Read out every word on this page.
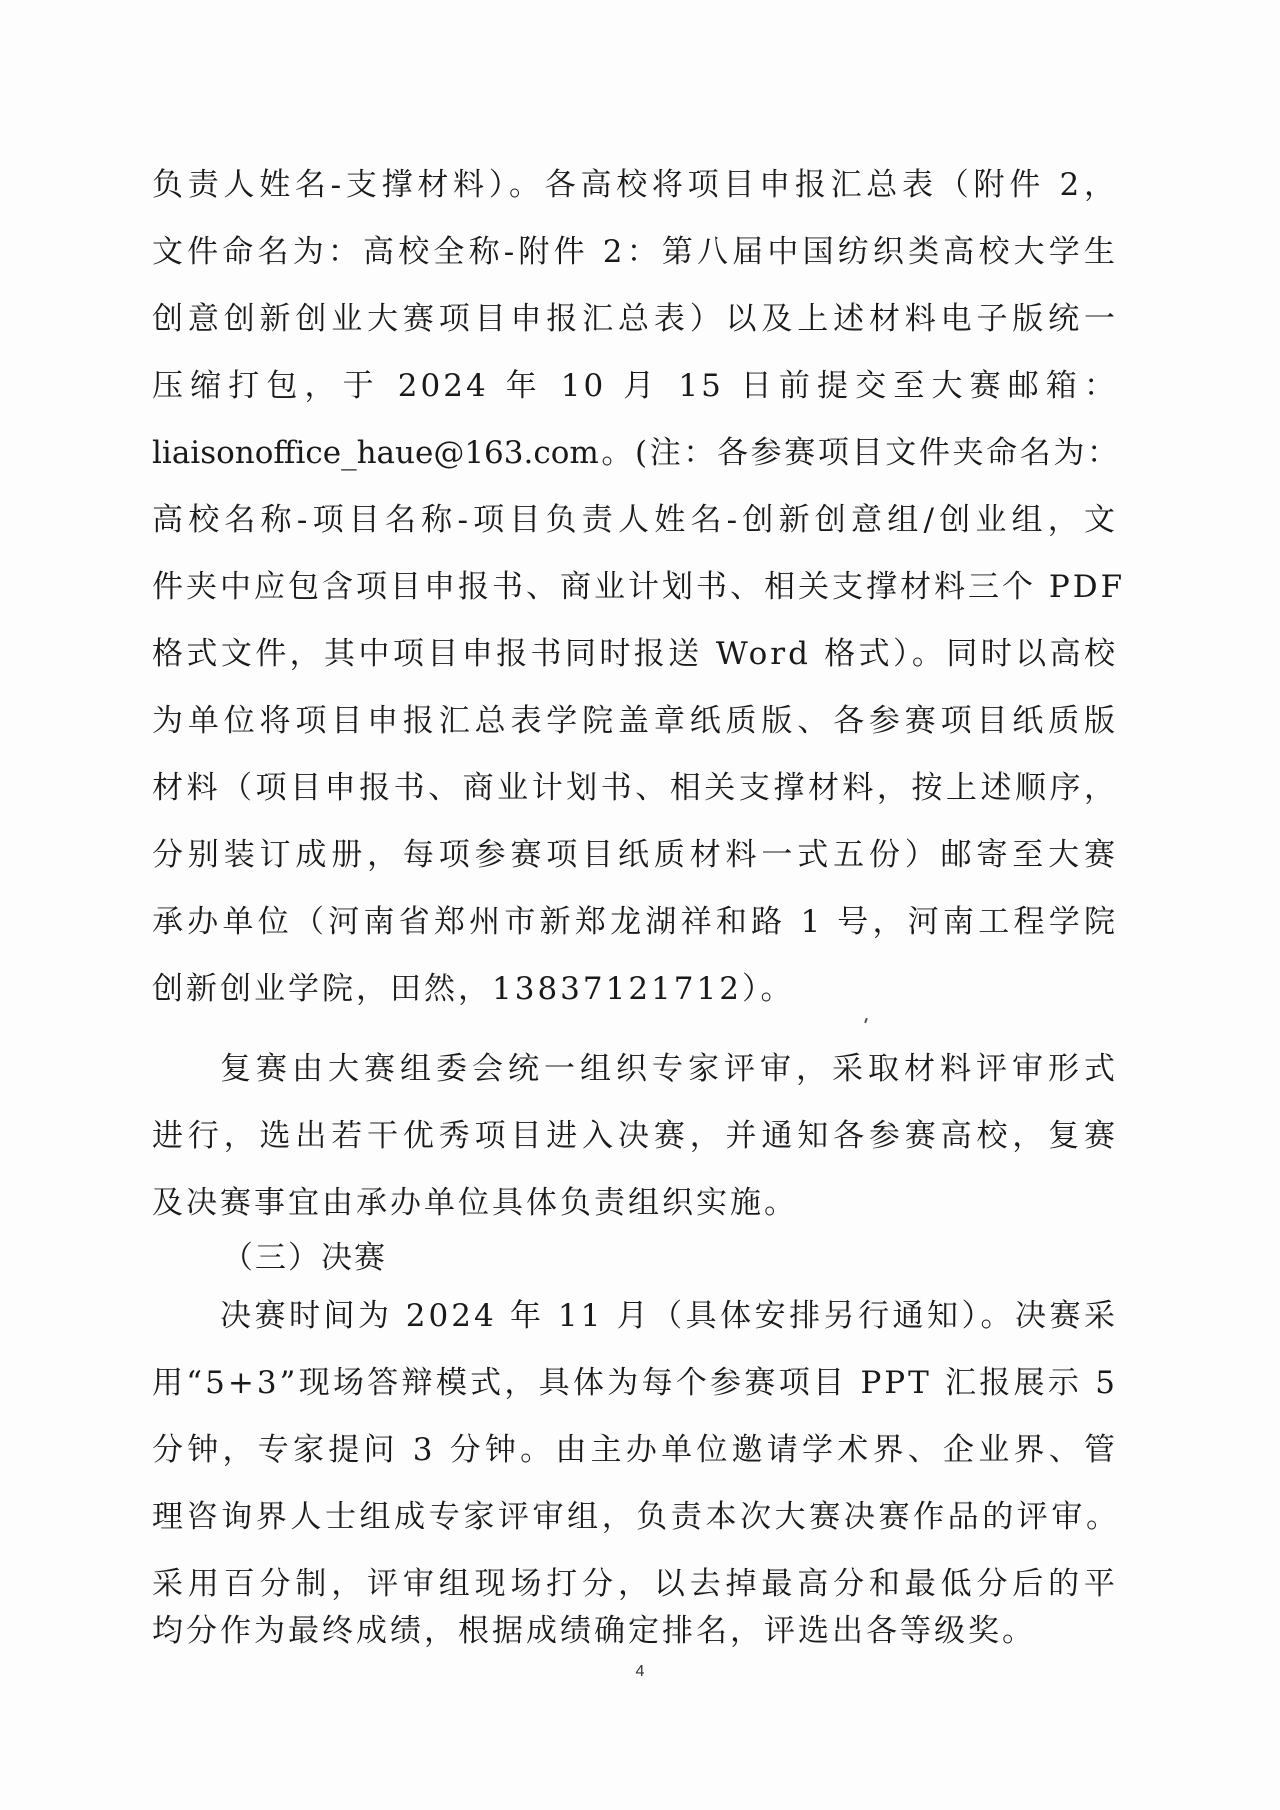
负责人姓名-支撑材料）。各高校将项目申报汇总表（附件 2，
文件命名为：高校全称-附件 2：第八届中国纺织类高校大学生
创意创新创业大赛项目申报汇总表）以及上述材料电子版统一
压缩打包，于 2024 年 10 月 15 日前提交至大赛邮箱：
liaisonoffice_haue@163.com。(注：各参赛项目文件夹命名为：
高校名称-项目名称-项目负责人姓名-创新创意组/创业组，文
件夹中应包含项目申报书、商业计划书、相关支撑材料三个 PDF
格式文件，其中项目申报书同时报送 Word 格式）。同时以高校
为单位将项目申报汇总表学院盖章纸质版、各参赛项目纸质版
材料（项目申报书、商业计划书、相关支撑材料，按上述顺序，
分别装订成册，每项参赛项目纸质材料一式五份）邮寄至大赛
承办单位（河南省郑州市新郑龙湖祥和路 1 号，河南工程学院
创新创业学院，田然，13837121712）。
复赛由大赛组委会统一组织专家评审，采取材料评审形式
进行，选出若干优秀项目进入决赛，并通知各参赛高校，复赛
及决赛事宜由承办单位具体负责组织实施。
（三）决赛
决赛时间为 2024 年 11 月（具体安排另行通知）。决赛采
用“5+3”现场答辩模式，具体为每个参赛项目 PPT 汇报展示 5
分钟，专家提问 3 分钟。由主办单位邀请学术界、企业界、管
理咨询界人士组成专家评审组，负责本次大赛决赛作品的评审。
采用百分制，评审组现场打分，以去掉最高分和最低分后的平
均分作为最终成绩，根据成绩确定排名，评选出各等级奖。
4
